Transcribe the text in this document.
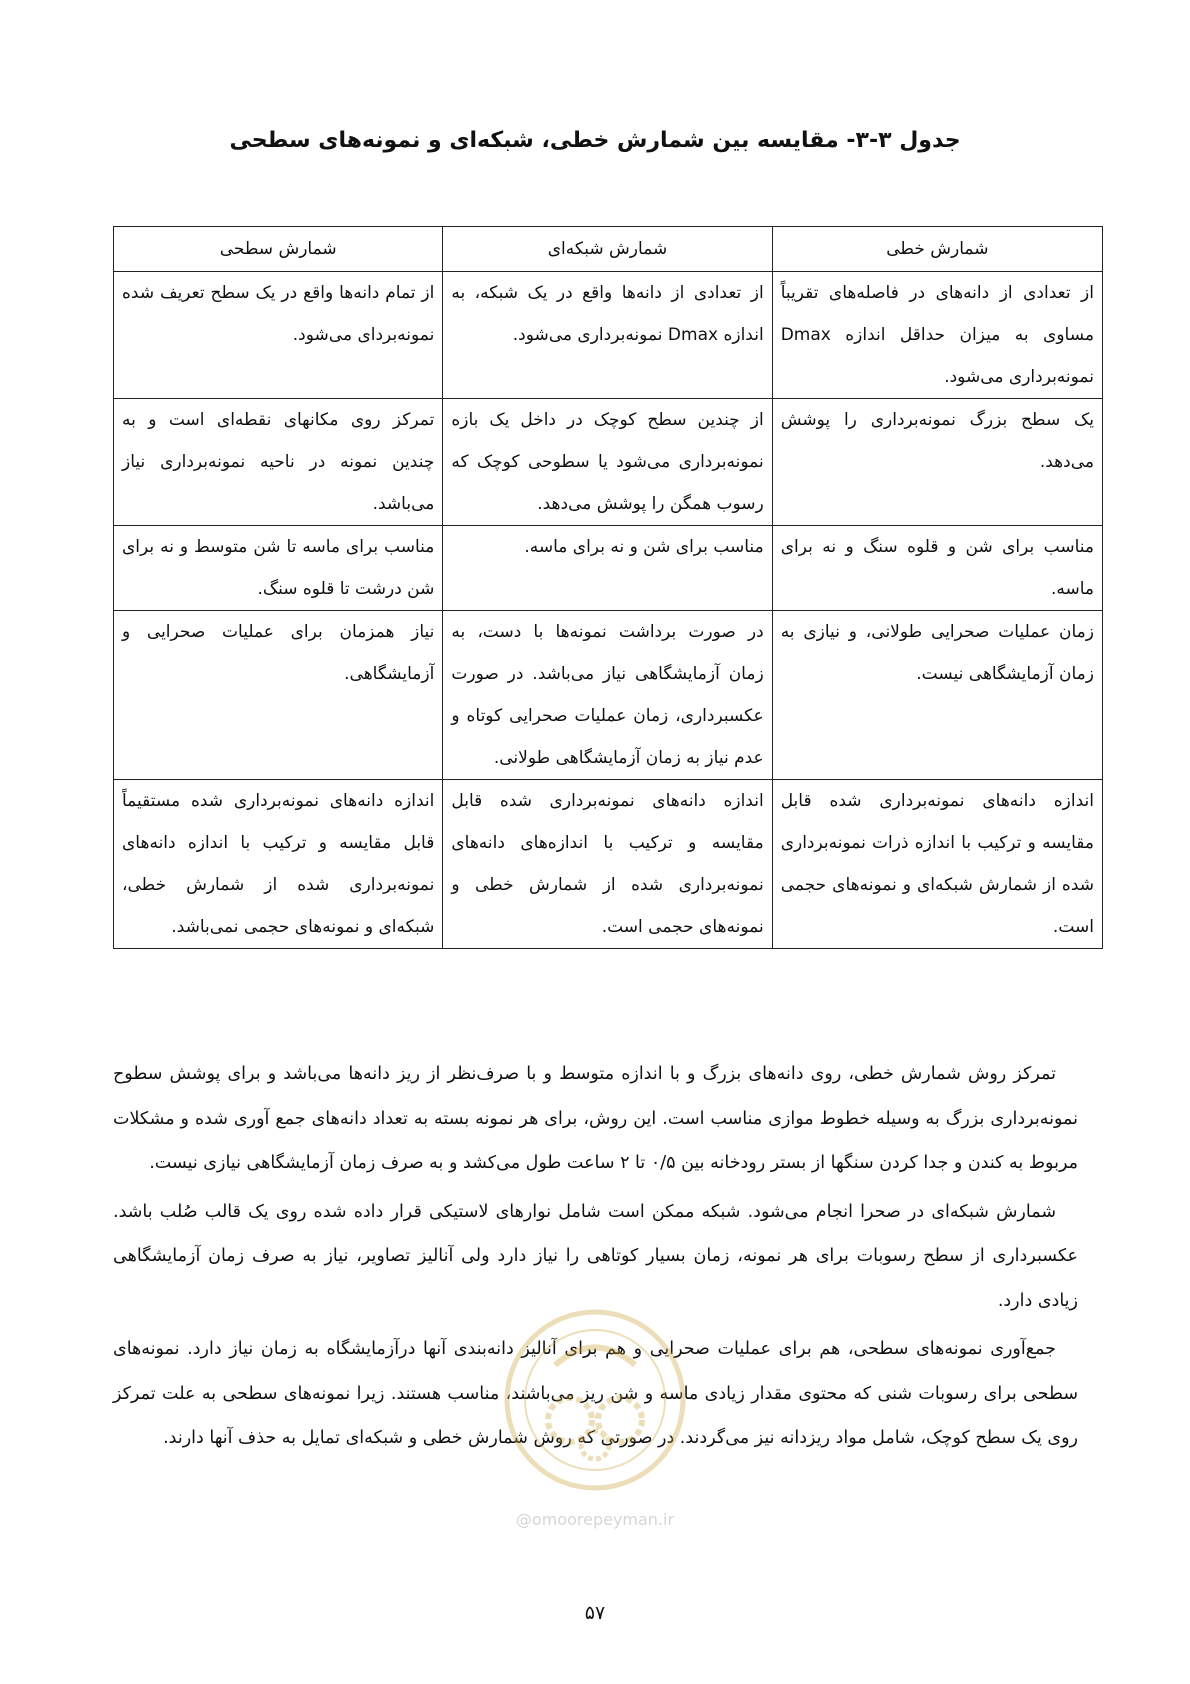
جدول ۳-۳- مقایسه بین شمارش خطی، شبکه‌ای و نمونه‌های سطحی
شمارش خطی	شمارش شبکه‌ای	شمارش سطحی
از تعدادی از دانه‌های در فاصله‌های تقریباً مساوی به میزان حداقل اندازه Dmax نمونه‌برداری می‌شود.	از تعدادی از دانه‌ها واقع در یک شبکه، به اندازه Dmax نمونه‌برداری می‌شود.	از تمام دانه‌ها واقع در یک سطح تعریف شده نمونه‌بردای می‌شود.
یک سطح بزرگ نمونه‌برداری را پوشش می‌دهد.	از چندین سطح کوچک در داخل یک بازه نمونه‌برداری می‌شود یا سطوحی کوچک که رسوب همگن را پوشش می‌دهد.	تمرکز روی مکانهای نقطه‌ای است و به چندین نمونه در ناحیه نمونه‌برداری نیاز می‌باشد.
مناسب برای شن و قلوه سنگ و نه برای ماسه.	مناسب برای شن و نه برای ماسه.	مناسب برای ماسه تا شن متوسط و نه برای شن درشت تا قلوه سنگ.
زمان عملیات صحرایی طولانی، و نیازی به زمان آزمایشگاهی نیست.	در صورت برداشت نمونه‌ها با دست، به زمان آزمایشگاهی نیاز می‌باشد. در صورت عکسبرداری، زمان عملیات صحرایی کوتاه و عدم نیاز به زمان آزمایشگاهی طولانی.	نیاز همزمان برای عملیات صحرایی و آزمایشگاهی.
اندازه دانه‌های نمونه‌برداری شده قابل مقایسه و ترکیب با اندازه ذرات نمونه‌برداری شده از شمارش شبکه‌ای و نمونه‌های حجمی است.	اندازه دانه‌های نمونه‌برداری شده قابل مقایسه و ترکیب با اندازه‌های دانه‌های نمونه‌برداری شده از شمارش خطی و نمونه‌های حجمی است.	اندازه دانه‌های نمونه‌برداری شده مستقیماً قابل مقایسه و ترکیب با اندازه دانه‌های نمونه‌برداری شده از شمارش خطی، شبکه‌ای و نمونه‌های حجمی نمی‌باشد.

تمرکز روش شمارش خطی، روی دانه‌های بزرگ و با اندازه متوسط و با صرف‌نظر از ریز دانه‌ها می‌باشد و برای پوشش سطوح نمونه‌برداری بزرگ به وسیله خطوط موازی مناسب است. این روش، برای هر نمونه بسته به تعداد دانه‌های جمع آوری شده و مشکلات مربوط به کندن و جدا کردن سنگها از بستر رودخانه بین ۰/۵ تا ۲ ساعت طول می‌کشد و به صرف زمان آزمایشگاهی نیازی نیست.

شمارش شبکه‌ای در صحرا انجام می‌شود. شبکه ممکن است شامل نوارهای لاستیکی قرار داده شده روی یک قالب صُلب باشد. عکسبرداری از سطح رسوبات برای هر نمونه، زمان بسیار کوتاهی را نیاز دارد ولی آنالیز تصاویر، نیاز به صرف زمان آزمایشگاهی زیادی دارد.

جمع‌آوری نمونه‌های سطحی، هم برای عملیات صحرایی و هم برای آنالیز دانه‌بندی آنها درآزمایشگاه به زمان نیاز دارد. نمونه‌های سطحی برای رسوبات شنی که محتوی مقدار زیادی ماسه و شن ریز می‌باشند، مناسب هستند. زیرا نمونه‌های سطحی به علت تمرکز روی یک سطح کوچک، شامل مواد ریزدانه نیز می‌گردند. در صورتی که روش شمارش خطی و شبکه‌ای تمایل به حذف آنها دارند.

@omoorepeyman.ir

۵۷
